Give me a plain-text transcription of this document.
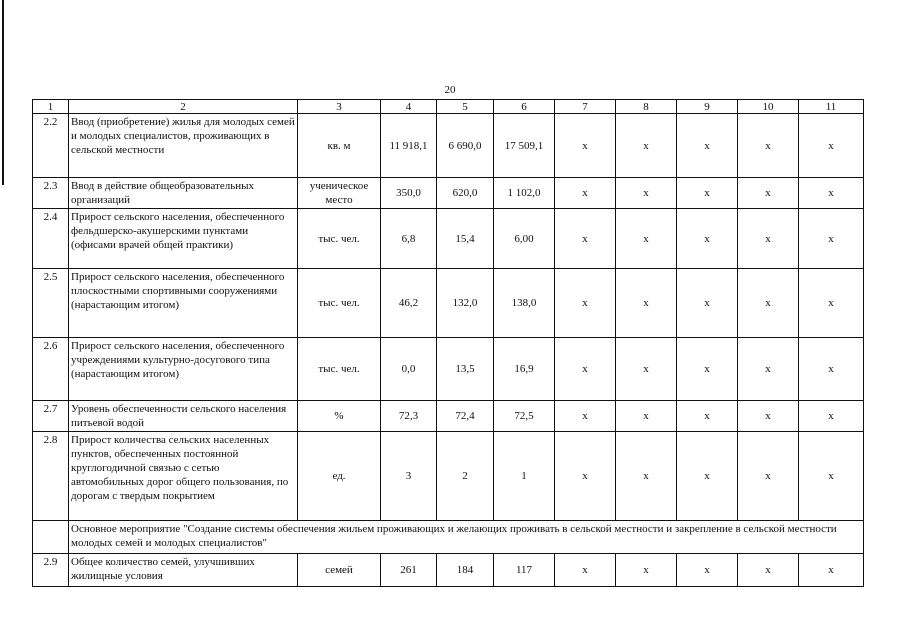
20
1	2	3	4	5	6	7	8	9	10	11
2.2	Ввод (приобретение) жилья для молодых семей и молодых специалистов, проживающих в сельской местности	кв. м	11 918,1	6 690,0	17 509,1	х	х	х	х	х
2.3	Ввод в действие общеобразовательных организаций	ученическое место	350,0	620,0	1 102,0	х	х	х	х	х
2.4	Прирост сельского населения, обеспеченного фельдшерско-акушерскими пунктами (офисами врачей общей практики)	тыс. чел.	6,8	15,4	6,00	х	х	х	х	х
2.5	Прирост сельского населения, обеспеченного плоскостными спортивными сооружениями (нарастающим итогом)	тыс. чел.	46,2	132,0	138,0	х	х	х	х	х
2.6	Прирост сельского населения, обеспеченного учреждениями культурно-досугового типа (нарастающим итогом)	тыс. чел.	0,0	13,5	16,9	х	х	х	х	х
2.7	Уровень обеспеченности сельского населения питьевой водой	%	72,3	72,4	72,5	х	х	х	х	х
2.8	Прирост количества сельских населенных пунктов, обеспеченных постоянной круглогодичной связью с сетью автомобильных дорог общего пользования, по дорогам с твердым покрытием	ед.	3	2	1	х	х	х	х	х
	Основное мероприятие "Создание системы обеспечения жильем проживающих и желающих проживать в сельской местности и закрепление в сельской местности молодых семей и молодых специалистов"									
2.9	Общее количество семей, улучшивших жилищные условия	семей	261	184	117	х	х	х	х	х
